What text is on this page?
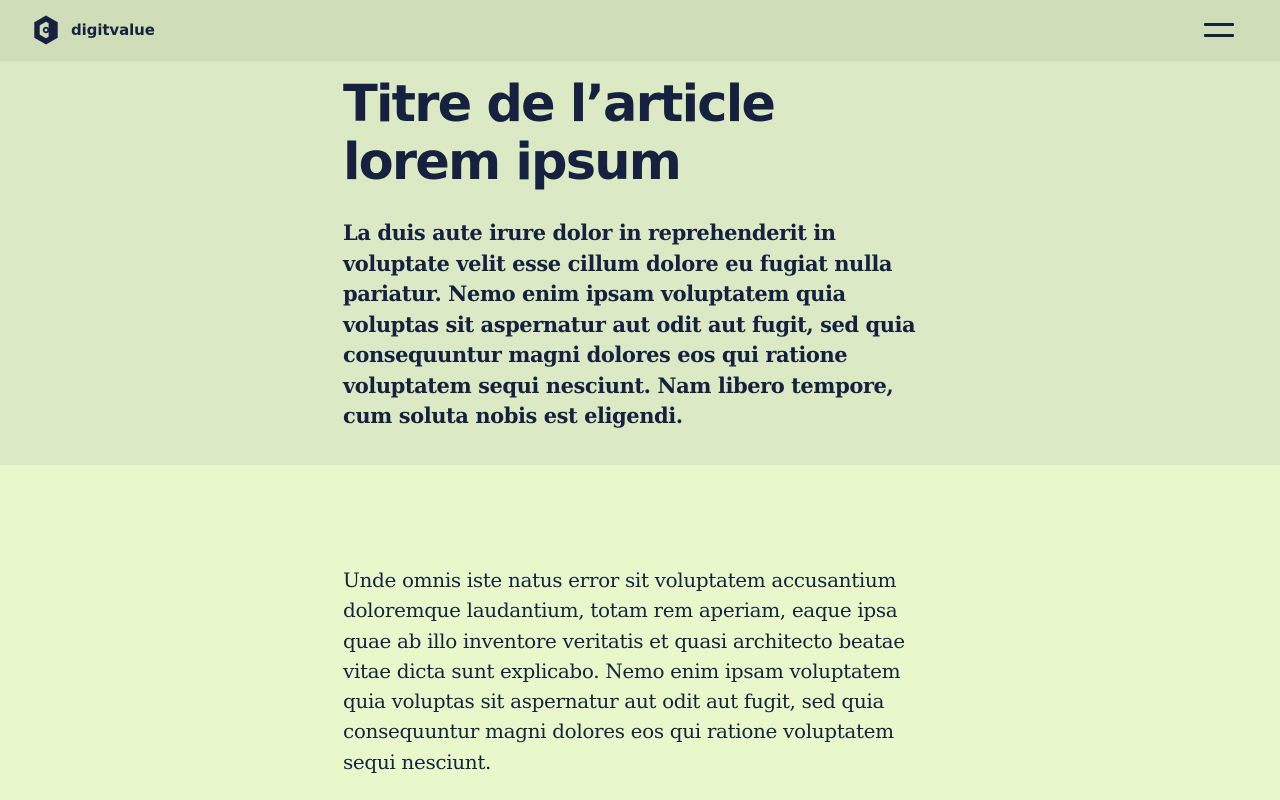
digitvalue
Titre de l’article lorem ipsum

La duis aute irure dolor in reprehenderit in voluptate velit esse cillum dolore eu fugiat nulla pariatur. Nemo enim ipsam voluptatem quia voluptas sit aspernatur aut odit aut fugit, sed quia consequuntur magni dolores eos qui ratione voluptatem sequi nesciunt. Nam libero tempore, cum soluta nobis est eligendi.

Unde omnis iste natus error sit voluptatem accusantium doloremque laudantium, totam rem aperiam, eaque ipsa quae ab illo inventore veritatis et quasi architecto beatae vitae dicta sunt explicabo. Nemo enim ipsam voluptatem quia voluptas sit aspernatur aut odit aut fugit, sed quia consequuntur magni dolores eos qui ratione voluptatem sequi nesciunt.
